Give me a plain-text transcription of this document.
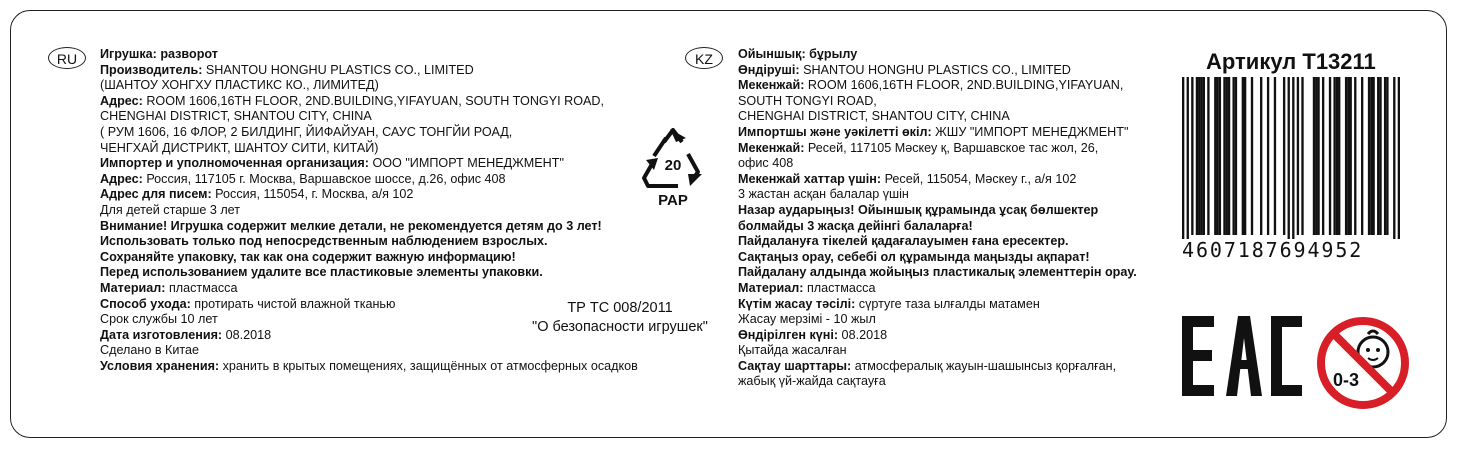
RU	Игрушка: разворот
Производитель: SHANTOU HONGHU PLASTICS CO., LIMITED
(ШАНТОУ ХОНГХУ ПЛАСТИКС КО., ЛИМИТЕД)
Адрес: ROOM 1606,16TH FLOOR, 2ND.BUILDING,YIFAYUAN, SOUTH TONGYI ROAD,
CHENGHAI DISTRICT, SHANTOU CITY, CHINA
( РУМ 1606, 16 ФЛОР, 2 БИЛДИНГ, ЙИФАЙУАН, САУС ТОНГЙИ РОАД,
ЧЕНГХАЙ ДИСТРИКТ, ШАНТОУ СИТИ, КИТАЙ)
Импортер и уполномоченная организация: ООО "ИМПОРТ МЕНЕДЖМЕНТ"
Адрес: Россия, 117105 г. Москва, Варшавское шоссе, д.26, офис 408
Адрес для писем: Россия, 115054, г. Москва, а/я 102
Для детей старше 3 лет
Внимание! Игрушка содержит мелкие детали, не рекомендуется детям до 3 лет!
Использовать только под непосредственным наблюдением взрослых.
Сохраняйте упаковку, так как она содержит важную информацию!
Перед использованием удалите все пластиковые элементы упаковки.
Материал: пластмасса
Способ ухода: протирать чистой влажной тканью
Срок службы 10 лет
Дата изготовления: 08.2018
Сделано в Китае
Условия хранения: хранить в крытых помещениях, защищённых от атмосферных осадков
KZ	Ойыншық: бұрылу
Өндіруші: SHANTOU HONGHU PLASTICS CO., LIMITED
Мекенжай: ROOM 1606,16TH FLOOR, 2ND.BUILDING,YIFAYUAN,
SOUTH TONGYI ROAD,
CHENGHAI DISTRICT, SHANTOU CITY, CHINA
Импортшы және уәкілетті өкіл: ЖШУ "ИМПОРТ МЕНЕДЖМЕНТ"
Мекенжай: Ресей, 117105 Мәскеу қ, Варшавское тас жол, 26,
офис 408
Мекенжай хаттар үшін: Ресей, 115054, Мәскеу г., а/я 102
3 жастан асқан балалар үшін
Назар аударыңыз! Ойыншық құрамында ұсақ бөлшектер
болмайды 3 жасқа дейінгі балаларға!
Пайдалануға тікелей қадағалауымен ғана ересектер.
Сақтаңыз орау, себебі ол құрамында маңызды ақпарат!
Пайдалану алдында жойыңыз пластикалық элементтерін орау.
Материал: пластмасса
Күтім жасау тәсілі: сүртуге таза ылғалды матамен
Жасау мерзімі - 10 жыл
Өндірілген күні: 08.2018
Қытайда жасалған
Сақтау шарттары: атмосфералық жауын-шашынсыз қорғалған,
жабық үй-жайда сақтауға
20
PAP
ТР ТС 008/2011
"О безопасности игрушек"
Артикул T13211
4607187694952
0-3
